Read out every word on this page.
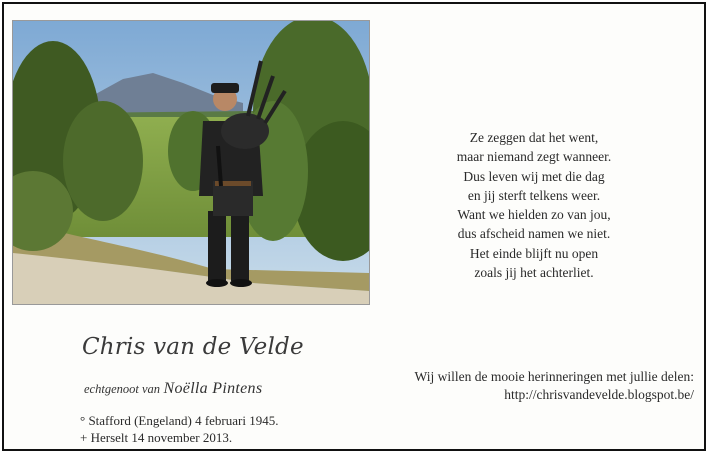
Ze zeggen dat het went,
maar niemand zegt wanneer.
Dus leven wij met die dag
en jij sterft telkens weer.
Want we hielden zo van jou,
dus afscheid namen we niet.
Het einde blijft nu open
zoals jij het achterliet.
Chris van de Velde
echtgenoot van Noëlla Pintens
° Stafford (Engeland) 4 februari 1945.
+ Herselt 14 november 2013.
Wij willen de mooie herinneringen met jullie delen:
http://chrisvandevelde.blogspot.be/
